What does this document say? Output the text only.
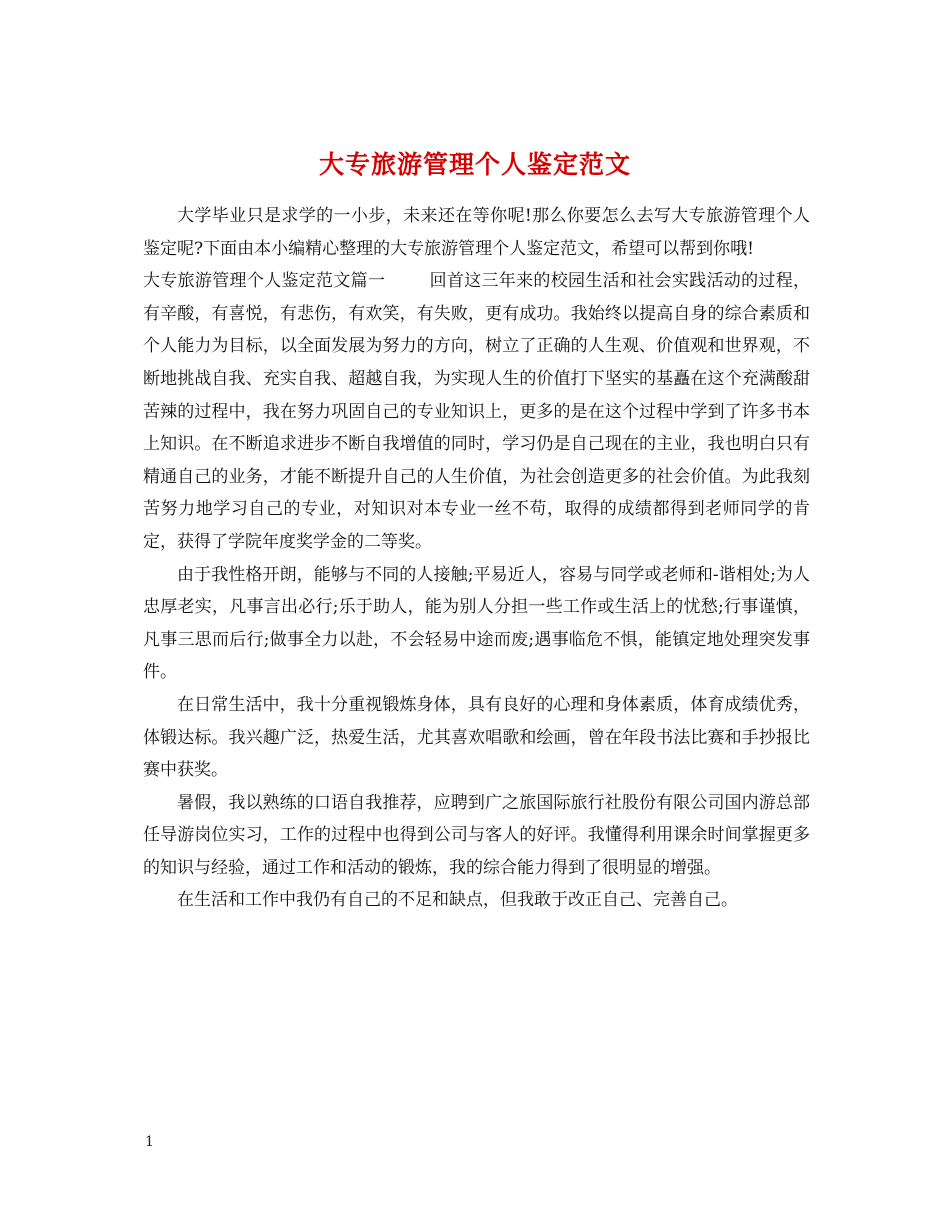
大专旅游管理个人鉴定范文

大学毕业只是求学的一小步，未来还在等你呢!那么你要怎么去写大专旅游管理个人鉴定呢?下面由本小编精心整理的大专旅游管理个人鉴定范文，希望可以帮到你哦!

大专旅游管理个人鉴定范文篇一	回首这三年来的校园生活和社会实践活动的过程，有辛酸，有喜悦，有悲伤，有欢笑，有失败，更有成功。我始终以提高自身的综合素质和个人能力为目标，以全面发展为努力的方向，树立了正确的人生观、价值观和世界观，不断地挑战自我、充实自我、超越自我，为实现人生的价值打下坚实的基矗在这个充满酸甜苦辣的过程中，我在努力巩固自己的专业知识上，更多的是在这个过程中学到了许多书本上知识。在不断追求进步不断自我增值的同时，学习仍是自己现在的主业，我也明白只有精通自己的业务，才能不断提升自己的人生价值，为社会创造更多的社会价值。为此我刻苦努力地学习自己的专业，对知识对本专业一丝不苟，取得的成绩都得到老师同学的肯定，获得了学院年度奖学金的二等奖。

由于我性格开朗，能够与不同的人接触;平易近人，容易与同学或老师和-谐相处;为人忠厚老实，凡事言出必行;乐于助人，能为别人分担一些工作或生活上的忧愁;行事谨慎，凡事三思而后行;做事全力以赴，不会轻易中途而废;遇事临危不惧，能镇定地处理突发事件。

在日常生活中，我十分重视锻炼身体，具有良好的心理和身体素质，体育成绩优秀，体锻达标。我兴趣广泛，热爱生活，尤其喜欢唱歌和绘画，曾在年段书法比赛和手抄报比赛中获奖。

暑假，我以熟练的口语自我推荐，应聘到广之旅国际旅行社股份有限公司国内游总部任导游岗位实习，工作的过程中也得到公司与客人的好评。我懂得利用课余时间掌握更多的知识与经验，通过工作和活动的锻炼，我的综合能力得到了很明显的增强。

在生活和工作中我仍有自己的不足和缺点，但我敢于改正自己、完善自己。

1
